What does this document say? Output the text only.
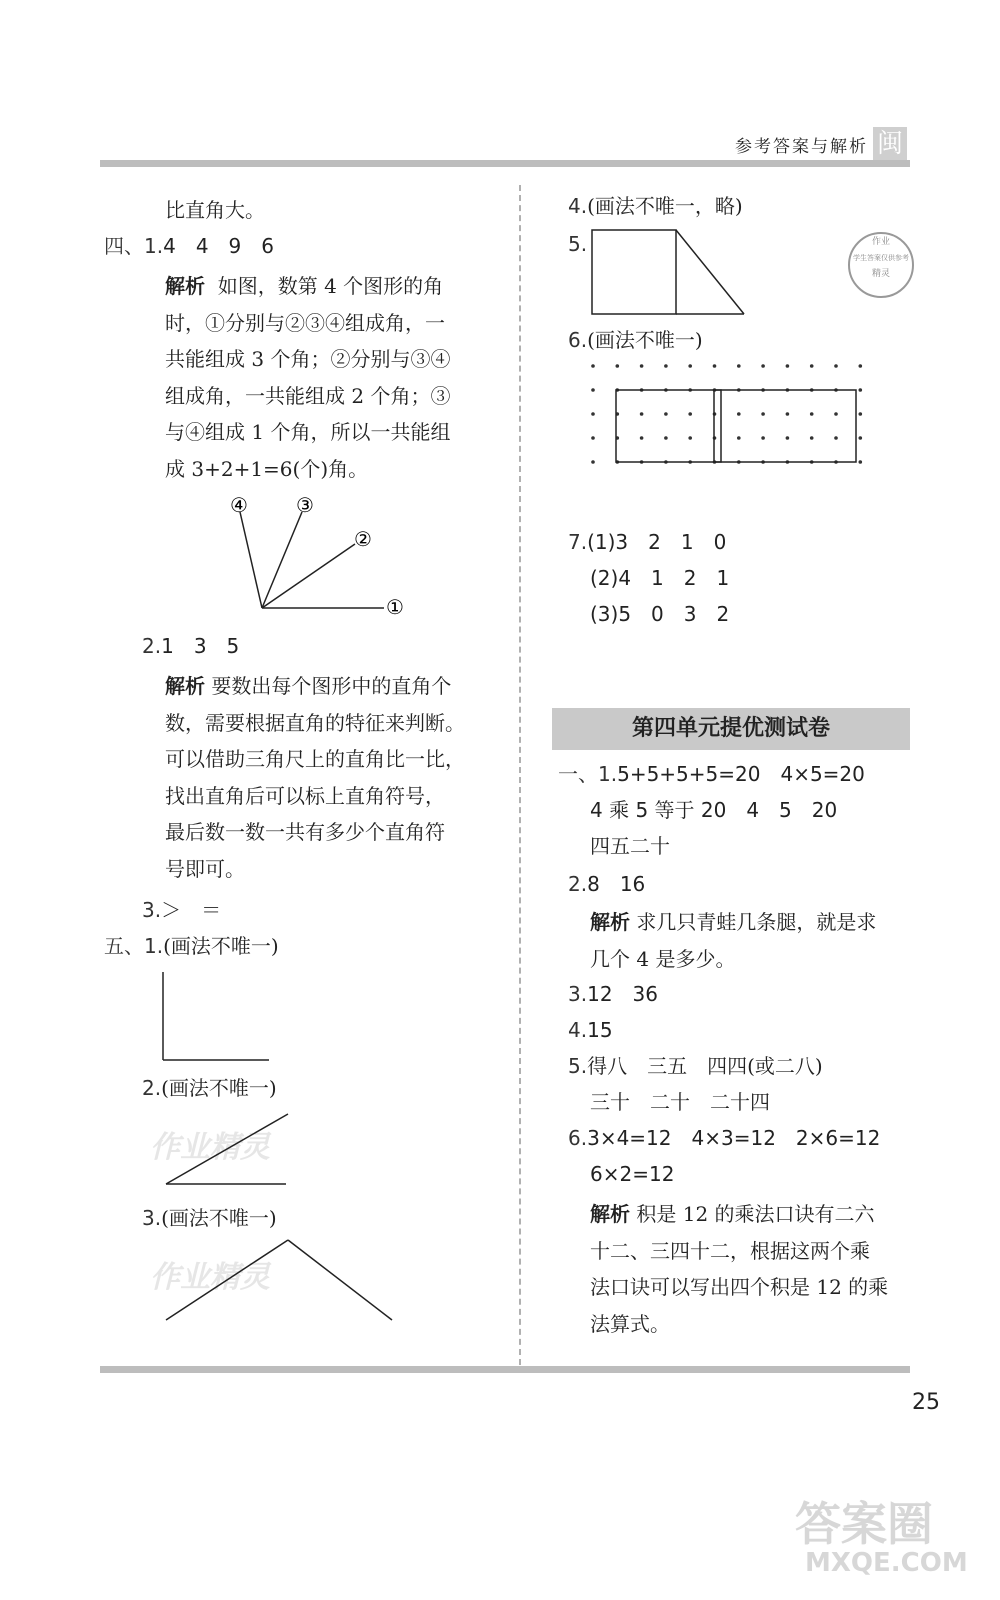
参考答案与解析 闽
比直角大。
四、1.4　4　9　6
解析 如图，数第 4 个图形的角
时，①分别与②③④组成角，一
共能组成 3 个角；②分别与③④
组成角，一共能组成 2 个角；③
与④组成 1 个角，所以一共能组
成 3+2+1=6(个)角。
④ ③
②
①
2.1　3　5
解析 要数出每个图形中的直角个
数，需要根据直角的特征来判断。
可以借助三角尺上的直角比一比，
找出直角后可以标上直角符号，
最后数一数一共有多少个直角符
号即可。
3.＞　＝
五、1.(画法不唯一)
2.(画法不唯一)
作业精灵
3.(画法不唯一)
作业精灵
4.(画法不唯一，略)
5.	作业
学生答案仅供参考
精灵
6.(画法不唯一)
7.(1)3　2　1　0
(2)4　1　2　1
(3)5　0　3　2
第四单元提优测试卷
一、1.5+5+5+5=20　4×5=20
4 乘 5 等于 20　4　5　20
四五二十
2.8　16
解析 求几只青蛙几条腿，就是求
几个 4 是多少。
3.12　36
4.15
5.得八　三五　四四(或二八)
三十　二十　二十四
6.3×4=12　4×3=12　2×6=12
6×2=12
解析 积是 12 的乘法口诀有二六
十二、三四十二，根据这两个乘
法口诀可以写出四个积是 12 的乘
法算式。
25
答案圈
MXQE.COM
